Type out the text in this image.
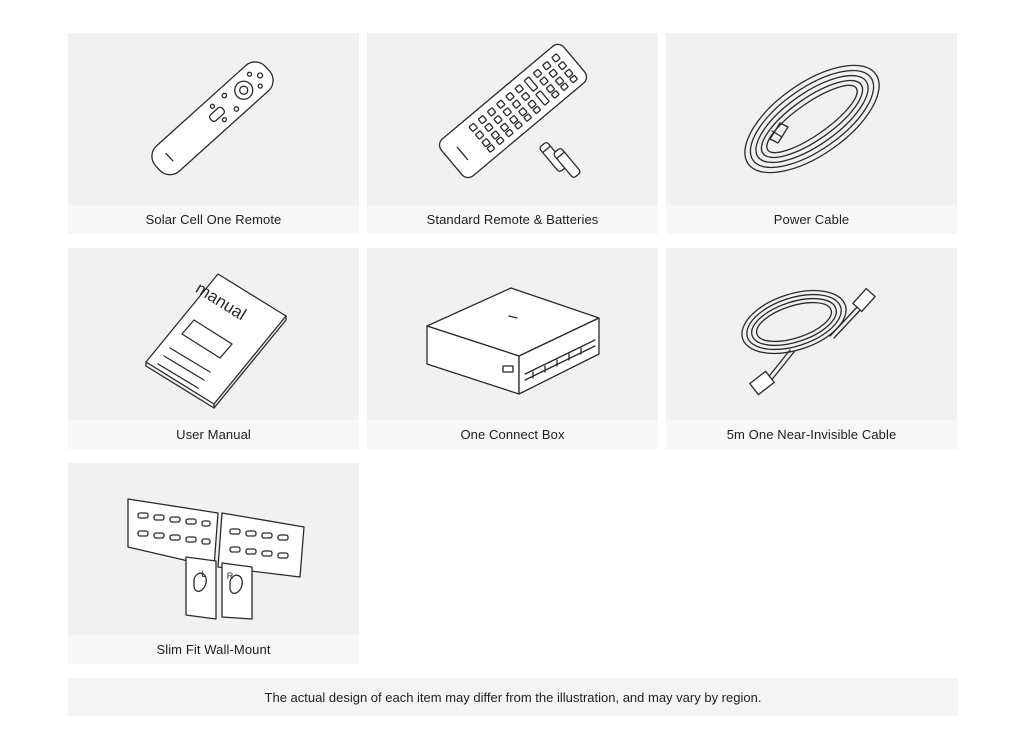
Solar Cell One Remote	Standard Remote & Batteries	Power Cable
manual
User Manual	One Connect Box	5m One Near-Invisible Cable
L R
Slim Fit Wall-Mount
The actual design of each item may differ from the illustration, and may vary by region.
